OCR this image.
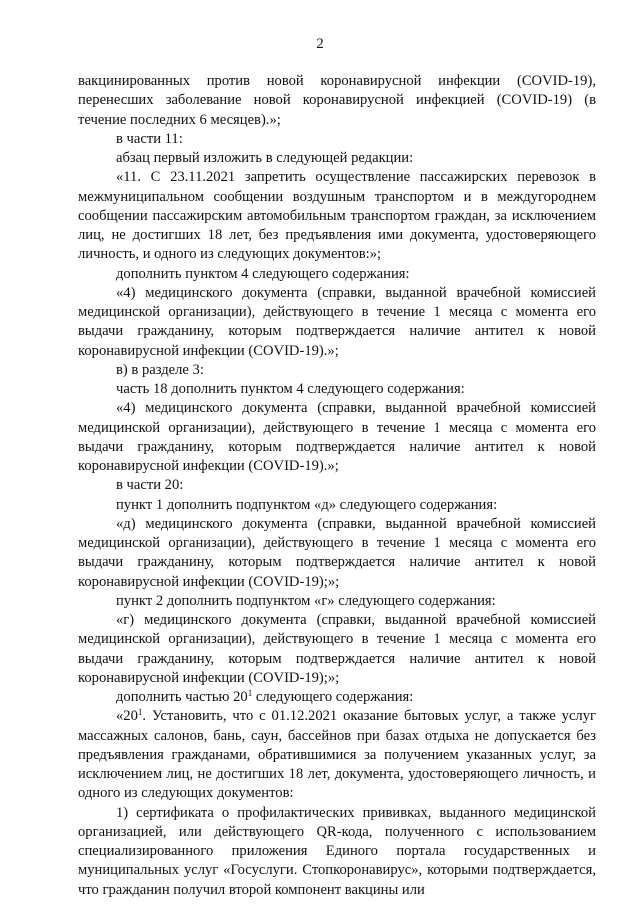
2

вакцинированных против новой коронавирусной инфекции (COVID-19), перенесших заболевание новой коронавирусной инфекцией (COVID-19) (в течение последних 6 месяцев).»;

в части 11:

абзац первый изложить в следующей редакции:

«11. С 23.11.2021 запретить осуществление пассажирских перевозок в межмуниципальном сообщении воздушным транспортом и в междугороднем сообщении пассажирским автомобильным транспортом граждан, за исключением лиц, не достигших 18 лет, без предъявления ими документа, удостоверяющего личность, и одного из следующих документов:»;

дополнить пунктом 4 следующего содержания:

«4) медицинского документа (справки, выданной врачебной комиссией медицинской организации), действующего в течение 1 месяца с момента его выдачи гражданину, которым подтверждается наличие антител к новой коронавирусной инфекции (COVID-19).»;

в) в разделе 3:

часть 18 дополнить пунктом 4 следующего содержания:

«4) медицинского документа (справки, выданной врачебной комиссией медицинской организации), действующего в течение 1 месяца с момента его выдачи гражданину, которым подтверждается наличие антител к новой коронавирусной инфекции (COVID-19).»;

в части 20:

пункт 1 дополнить подпунктом «д» следующего содержания:

«д) медицинского документа (справки, выданной врачебной комиссией медицинской организации), действующего в течение 1 месяца с момента его выдачи гражданину, которым подтверждается наличие антител к новой коронавирусной инфекции (COVID-19);»;

пункт 2 дополнить подпунктом «г» следующего содержания:

«г) медицинского документа (справки, выданной врачебной комиссией медицинской организации), действующего в течение 1 месяца с момента его выдачи гражданину, которым подтверждается наличие антител к новой коронавирусной инфекции (COVID-19);»;

дополнить частью $20^1$ следующего содержания:

«$20^1$. Установить, что с 01.12.2021 оказание бытовых услуг, а также услуг массажных салонов, бань, саун, бассейнов при базах отдыха не допускается без предъявления гражданами, обратившимися за получением указанных услуг, за исключением лиц, не достигших 18 лет, документа, удостоверяющего личность, и одного из следующих документов:

1) сертификата о профилактических прививках, выданного медицинской организацией, или действующего QR-кода, полученного с использованием специализированного приложения Единого портала государственных и муниципальных услуг «Госуслуги. Стопкоронавирус», которыми подтверждается, что гражданин получил второй компонент вакцины или
